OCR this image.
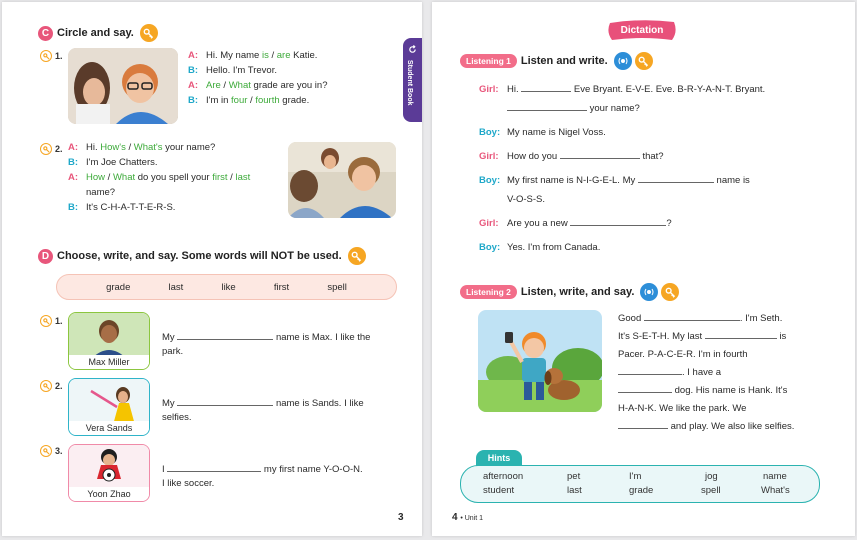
C Circle and say.
1.	A: Hi. My name is / are Katie.
B: Hello. I'm Trevor.
A: Are / What grade are you in?
B: I'm in four / fourth grade.
2. A: Hi. How's / What's your name?
B: I'm Joe Chatters.
A: How / What do you spell your first / last
name?
B: It's C-H-A-T-T-E-R-S.
D Choose, write, and say. Some words will NOT be used.
grade	last	like	first	spell
1.
Max Miller
My	name is Max. I like the
park.
2.
Vera Sands
My	name is Sands. I like
selfies.
3.
Yoon Zhao
I	my first name Y-O-O-N.
I like soccer.
3
Student Book
Dictation
Listening 1 Listen and write.
Girl: Hi.	Eve Bryant. E-V-E. Eve. B-R-Y-A-N-T. Bryant.
your name?
Boy: My name is Nigel Voss.
Girl: How do you	that?
Boy: My first name is N-I-G-E-L. My	name is
V-O-S-S.
Girl: Are you a new	?
Boy: Yes. I'm from Canada.
Listening 2 Listen, write, and say.
Good	. I'm Seth.
It's S-E-T-H. My last	is
Pacer. P-A-C-E-R. I'm in fourth
. I have a
dog. His name is Hank. It's
H-A-N-K. We like the park. We
and play. We also like selfies.
Hints
afternoon	pet	I'm	jog	name
student	last	grade	spell	What's
4 • Unit 1
